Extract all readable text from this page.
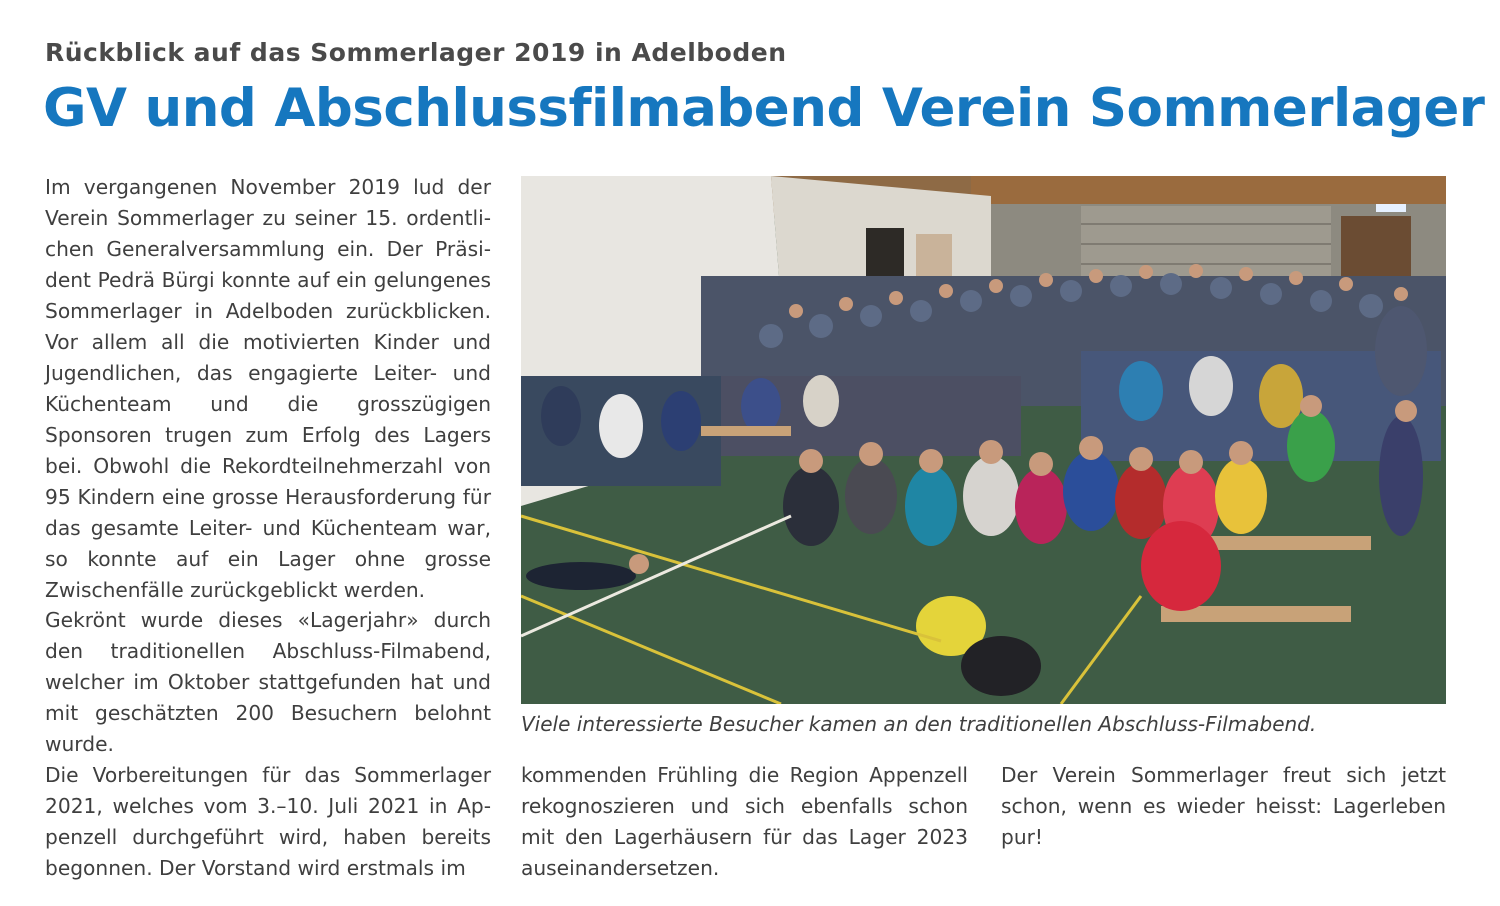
Rückblick auf das Sommerlager 2019 in Adelboden
GV und Abschlussfilmabend Verein Sommerlager

Im vergangenen November 2019 lud der Verein Sommerlager zu seiner 15. ordentlichen Generalversammlung ein. Der Präsident Pedrä Bürgi konnte auf ein gelungenes Sommerlager in Adelboden zurückblicken. Vor allem all die motivierten Kinder und Jugendlichen, das engagierte Leiter- und Küchenteam und die grosszügigen Sponsoren trugen zum Erfolg des Lagers bei. Obwohl die Rekordteilnehmerzahl von 95 Kindern eine grosse Herausforderung für das gesamte Leiter- und Küchenteam war, so konnte auf ein Lager ohne grosse Zwischenfälle zurückgeblickt werden.

Gekrönt wurde dieses «Lagerjahr» durch den traditionellen Abschluss-Filmabend, welcher im Oktober stattgefunden hat und mit geschätzten 200 Besuchern belohnt wurde.

Die Vorbereitungen für das Sommerlager 2021, welches vom 3.–10. Juli 2021 in Appenzell durchgeführt wird, haben bereits begonnen. Der Vorstand wird erstmals im

kommenden Frühling die Region Appenzell rekognoszieren und sich ebenfalls schon mit den Lagerhäusern für das Lager 2023 auseinandersetzen.

Der Verein Sommerlager freut sich jetzt schon, wenn es wieder heisst: Lagerleben pur!

Viele interessierte Besucher kamen an den traditionellen Abschluss-Filmabend.
